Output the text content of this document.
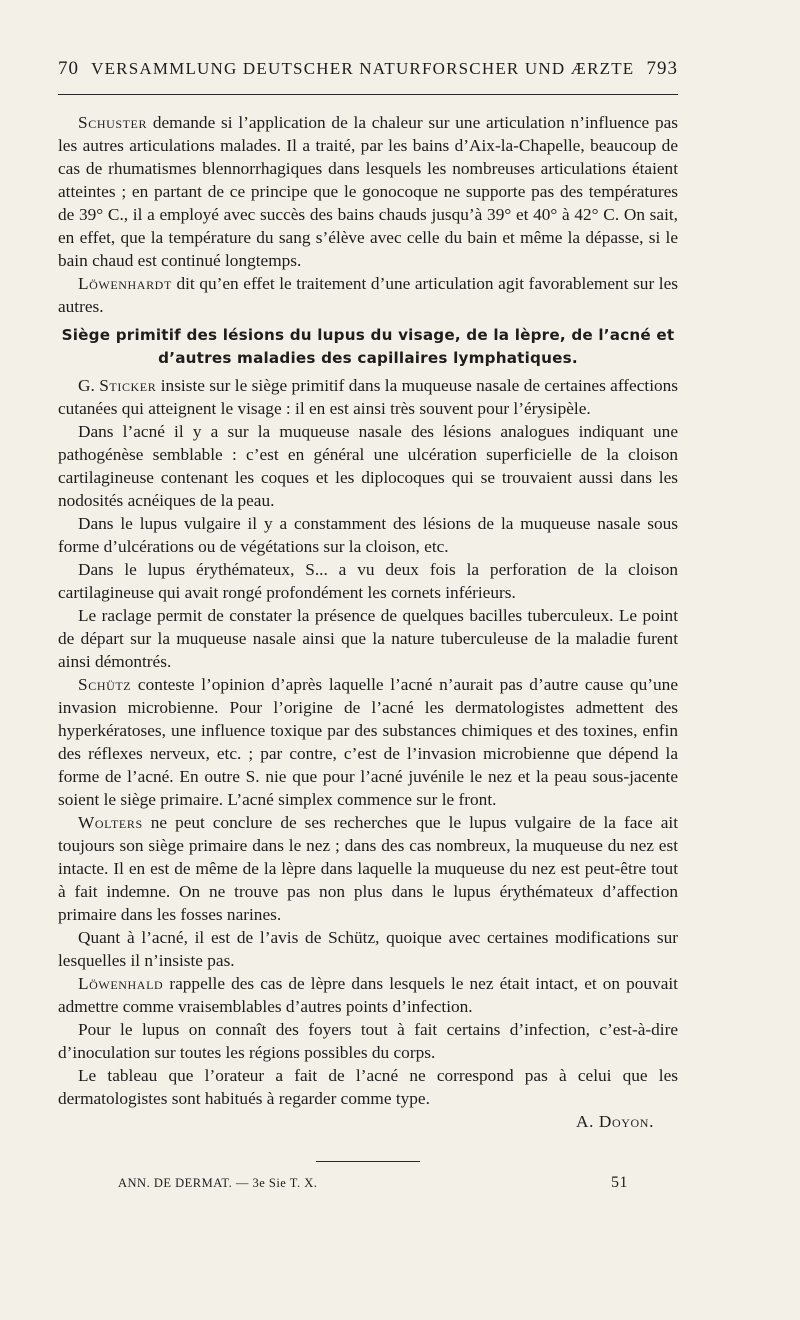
70 VERSAMMLUNG DEUTSCHER NATURFORSCHER UND ÆRZTE 793

Schuster demande si l’application de la chaleur sur une articulation n’influence pas les autres articulations malades. Il a traité, par les bains d’Aix-la-Chapelle, beaucoup de cas de rhumatismes blennorrhagiques dans lesquels les nombreuses articulations étaient atteintes ; en partant de ce principe que le gonocoque ne supporte pas des températures de 39° C., il a employé avec succès des bains chauds jusqu’à 39° et 40° à 42° C. On sait, en effet, que la température du sang s’élève avec celle du bain et même la dépasse, si le bain chaud est continué longtemps.

Löwenhardt dit qu’en effet le traitement d’une articulation agit favorablement sur les autres.

Siège primitif des lésions du lupus du visage, de la lèpre, de l’acné et d’autres maladies des capillaires lymphatiques.

G. Sticker insiste sur le siège primitif dans la muqueuse nasale de certaines affections cutanées qui atteignent le visage : il en est ainsi très souvent pour l’érysipèle.

Dans l’acné il y a sur la muqueuse nasale des lésions analogues indiquant une pathogénèse semblable : c’est en général une ulcération superficielle de la cloison cartilagineuse contenant les coques et les diplocoques qui se trouvaient aussi dans les nodosités acnéiques de la peau.

Dans le lupus vulgaire il y a constamment des lésions de la muqueuse nasale sous forme d’ulcérations ou de végétations sur la cloison, etc.

Dans le lupus érythémateux, S... a vu deux fois la perforation de la cloison cartilagineuse qui avait rongé profondément les cornets inférieurs.

Le raclage permit de constater la présence de quelques bacilles tuberculeux. Le point de départ sur la muqueuse nasale ainsi que la nature tuberculeuse de la maladie furent ainsi démontrés.

Schütz conteste l’opinion d’après laquelle l’acné n’aurait pas d’autre cause qu’une invasion microbienne. Pour l’origine de l’acné les dermatologistes admettent des hyperkératoses, une influence toxique par des substances chimiques et des toxines, enfin des réflexes nerveux, etc. ; par contre, c’est de l’invasion microbienne que dépend la forme de l’acné. En outre S. nie que pour l’acné juvénile le nez et la peau sous-jacente soient le siège primaire. L’acné simplex commence sur le front.

Wolters ne peut conclure de ses recherches que le lupus vulgaire de la face ait toujours son siège primaire dans le nez ; dans des cas nombreux, la muqueuse du nez est intacte. Il en est de même de la lèpre dans laquelle la muqueuse du nez est peut-être tout à fait indemne. On ne trouve pas non plus dans le lupus érythémateux d’affection primaire dans les fosses narines.

Quant à l’acné, il est de l’avis de Schütz, quoique avec certaines modifications sur lesquelles il n’insiste pas.

Löwenhald rappelle des cas de lèpre dans lesquels le nez était intact, et on pouvait admettre comme vraisemblables d’autres points d’infection.

Pour le lupus on connaît des foyers tout à fait certains d’infection, c’est-à-dire d’inoculation sur toutes les régions possibles du corps.

Le tableau que l’orateur a fait de l’acné ne correspond pas à celui que les dermatologistes sont habitués à regarder comme type.

A. Doyon.
ANN. DE DERMAT. — 3e Sie T. X.	51
